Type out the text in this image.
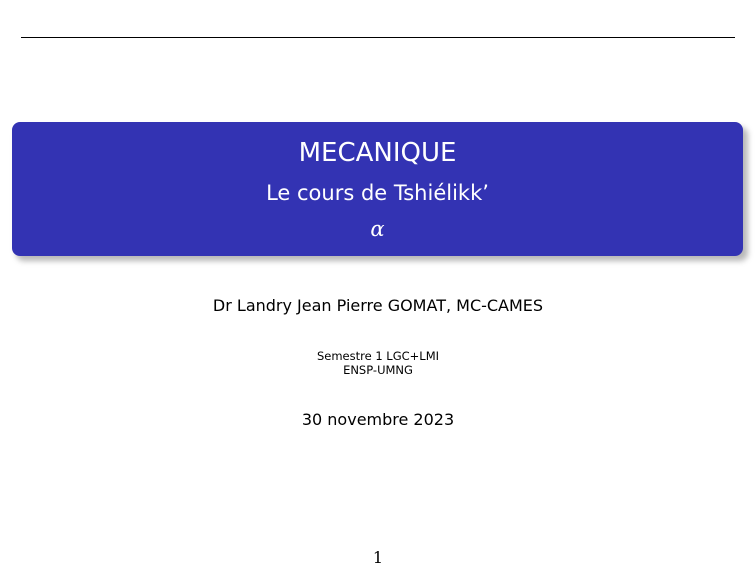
MECANIQUE
Le cours de Tshiélikk’
α
Dr Landry Jean Pierre GOMAT, MC-CAMES
Semestre 1 LGC+LMI
ENSP-UMNG
30 novembre 2023
1
